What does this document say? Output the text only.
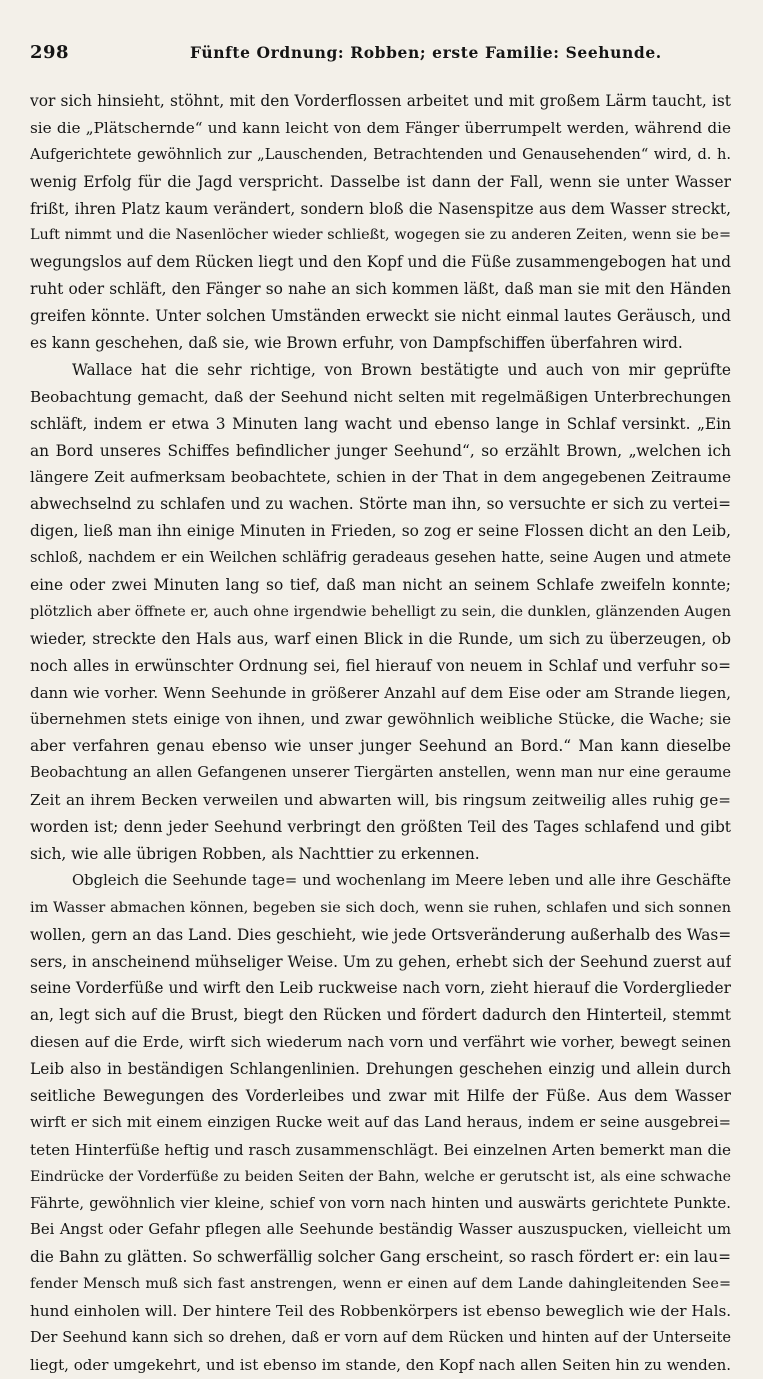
298	Fünfte Ordnung: Robben; erste Familie: Seehunde.
vor sich hinsieht, stöhnt, mit den Vorderflossen arbeitet und mit großem Lärm taucht, ist
sie die „Plätschernde“ und kann leicht von dem Fänger überrumpelt werden, während die
Aufgerichtete gewöhnlich zur „Lauschenden, Betrachtenden und Genausehenden“ wird, d. h.
wenig Erfolg für die Jagd verspricht. Dasselbe ist dann der Fall, wenn sie unter Wasser
frißt, ihren Platz kaum verändert, sondern bloß die Nasenspitze aus dem Wasser streckt,
Luft nimmt und die Nasenlöcher wieder schließt, wogegen sie zu anderen Zeiten, wenn sie be=
wegungslos auf dem Rücken liegt und den Kopf und die Füße zusammengebogen hat und
ruht oder schläft, den Fänger so nahe an sich kommen läßt, daß man sie mit den Händen
greifen könnte. Unter solchen Umständen erweckt sie nicht einmal lautes Geräusch, und
es kann geschehen, daß sie, wie Brown erfuhr, von Dampfschiffen überfahren wird.
Wallace hat die sehr richtige, von Brown bestätigte und auch von mir geprüfte
Beobachtung gemacht, daß der Seehund nicht selten mit regelmäßigen Unterbrechungen
schläft, indem er etwa 3 Minuten lang wacht und ebenso lange in Schlaf versinkt. „Ein
an Bord unseres Schiffes befindlicher junger Seehund“, so erzählt Brown, „welchen ich
längere Zeit aufmerksam beobachtete, schien in der That in dem angegebenen Zeitraume
abwechselnd zu schlafen und zu wachen. Störte man ihn, so versuchte er sich zu vertei=
digen, ließ man ihn einige Minuten in Frieden, so zog er seine Flossen dicht an den Leib,
schloß, nachdem er ein Weilchen schläfrig geradeaus gesehen hatte, seine Augen und atmete
eine oder zwei Minuten lang so tief, daß man nicht an seinem Schlafe zweifeln konnte;
plötzlich aber öffnete er, auch ohne irgendwie behelligt zu sein, die dunklen, glänzenden Augen
wieder, streckte den Hals aus, warf einen Blick in die Runde, um sich zu überzeugen, ob
noch alles in erwünschter Ordnung sei, fiel hierauf von neuem in Schlaf und verfuhr so=
dann wie vorher. Wenn Seehunde in größerer Anzahl auf dem Eise oder am Strande liegen,
übernehmen stets einige von ihnen, und zwar gewöhnlich weibliche Stücke, die Wache; sie
aber verfahren genau ebenso wie unser junger Seehund an Bord.“ Man kann dieselbe
Beobachtung an allen Gefangenen unserer Tiergärten anstellen, wenn man nur eine geraume
Zeit an ihrem Becken verweilen und abwarten will, bis ringsum zeitweilig alles ruhig ge=
worden ist; denn jeder Seehund verbringt den größten Teil des Tages schlafend und gibt
sich, wie alle übrigen Robben, als Nachttier zu erkennen.
Obgleich die Seehunde tage= und wochenlang im Meere leben und alle ihre Geschäfte
im Wasser abmachen können, begeben sie sich doch, wenn sie ruhen, schlafen und sich sonnen
wollen, gern an das Land. Dies geschieht, wie jede Ortsveränderung außerhalb des Was=
sers, in anscheinend mühseliger Weise. Um zu gehen, erhebt sich der Seehund zuerst auf
seine Vorderfüße und wirft den Leib ruckweise nach vorn, zieht hierauf die Vorderglieder
an, legt sich auf die Brust, biegt den Rücken und fördert dadurch den Hinterteil, stemmt
diesen auf die Erde, wirft sich wiederum nach vorn und verfährt wie vorher, bewegt seinen
Leib also in beständigen Schlangenlinien. Drehungen geschehen einzig und allein durch
seitliche Bewegungen des Vorderleibes und zwar mit Hilfe der Füße. Aus dem Wasser
wirft er sich mit einem einzigen Rucke weit auf das Land heraus, indem er seine ausgebrei=
teten Hinterfüße heftig und rasch zusammenschlägt. Bei einzelnen Arten bemerkt man die
Eindrücke der Vorderfüße zu beiden Seiten der Bahn, welche er gerutscht ist, als eine schwache
Fährte, gewöhnlich vier kleine, schief von vorn nach hinten und auswärts gerichtete Punkte.
Bei Angst oder Gefahr pflegen alle Seehunde beständig Wasser auszuspucken, vielleicht um
die Bahn zu glätten. So schwerfällig solcher Gang erscheint, so rasch fördert er: ein lau=
fender Mensch muß sich fast anstrengen, wenn er einen auf dem Lande dahingleitenden See=
hund einholen will. Der hintere Teil des Robbenkörpers ist ebenso beweglich wie der Hals.
Der Seehund kann sich so drehen, daß er vorn auf dem Rücken und hinten auf der Unterseite
liegt, oder umgekehrt, und ist ebenso im stande, den Kopf nach allen Seiten hin zu wenden.
